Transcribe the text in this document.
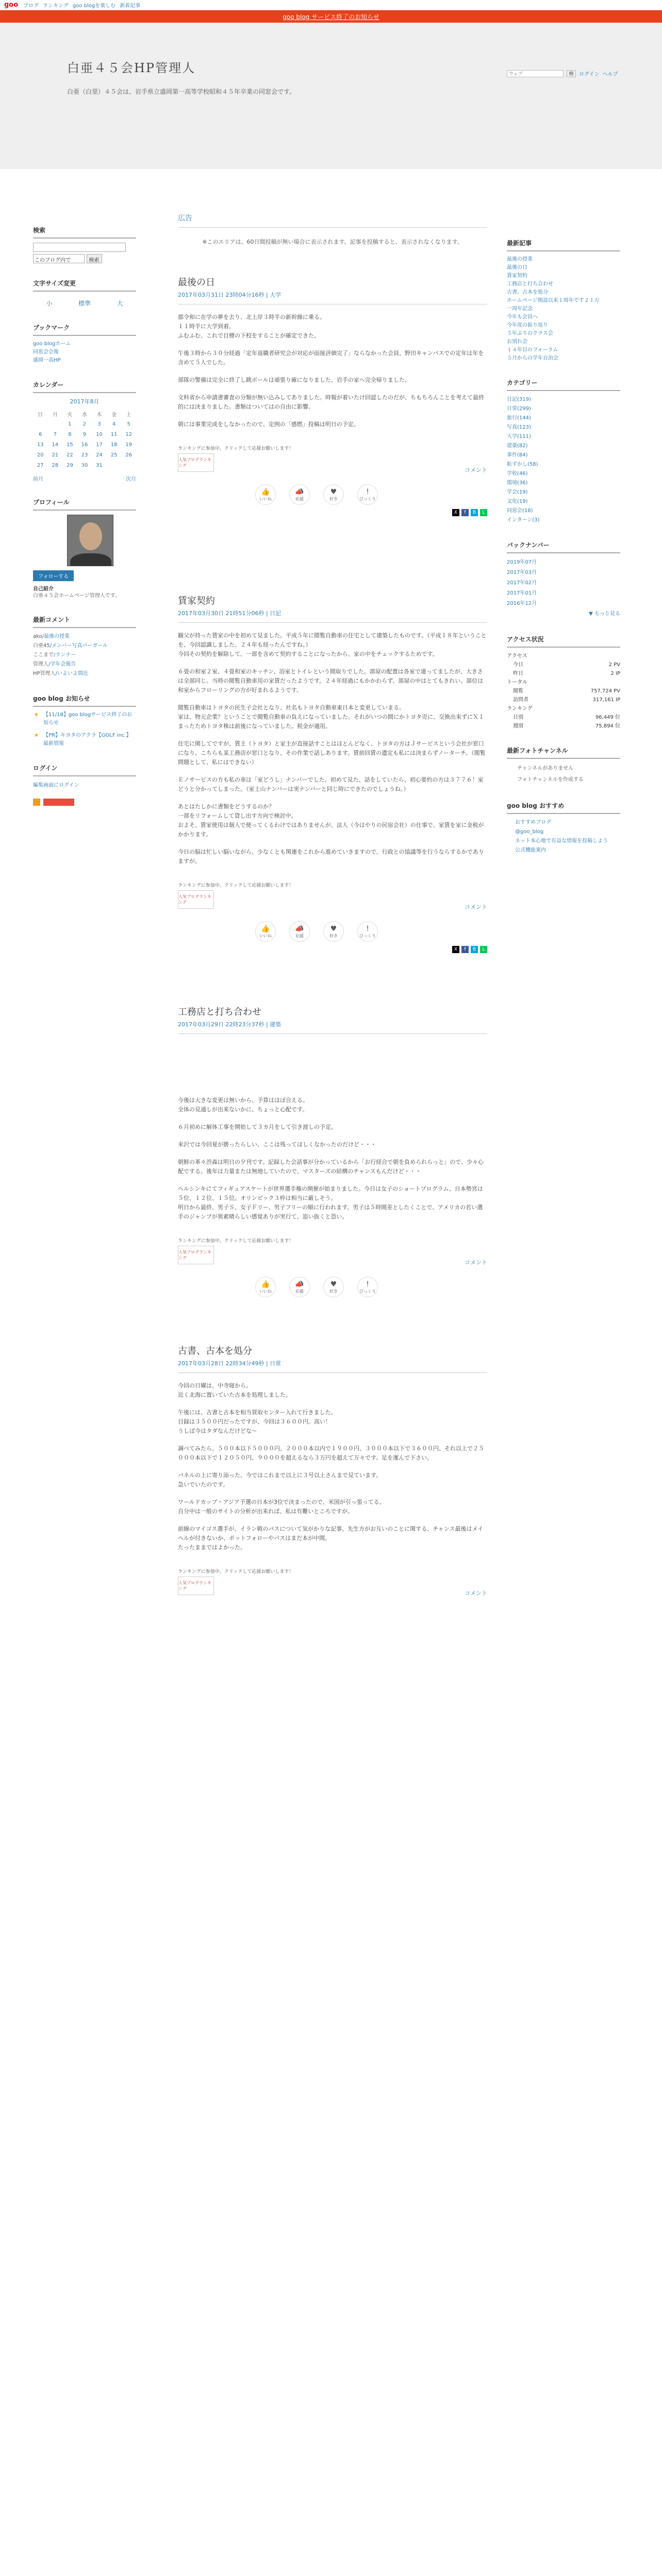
goo ブログ ランキング goo blogを楽しむ 新着記事
ウェブ
検	ログイン ヘルプ
goo blog サービス終了のお知らせ
白亜４５会HP管理人
白亜（白堊）４５会は、岩手県立盛岡第一高等学校昭和４５年卒業の同窓会です。
検索
このブログ内で	検索
文字サイズ変更
小	標準	大
ブックマーク
goo blogホーム
同窓会会報
盛岡一高HP
カレンダー
2017年8月
日	月	火	水	木	金	土
		1	2	3	4	5
6	7	8	9	10	11	12
13	14	15	16	17	18	19
20	21	22	23	24	25	26
27	28	29	30	31		
前月	次月
プロフィール
フォローする
自己紹介
白亜４５会ホームページ管理人です。
最新コメント
ako/最後の授業
白亜45/メンバー写真パーガール
ここまで/ランナー
管理人/学年会報告
HP管理人/いよいよ間近
goo blog お知らせ
★ 【11/18】goo blogサービス終了のお知らせ
★ 【PR】キヨタのアクラ【GOLF inc.】最新情報
ログイン
編集画面にログイン
広告
※このエリアは、60日間投稿が無い場合に表示されます。記事を投稿すると、表示されなくなります。
最後の日
2017年03月31日 23時04分16秒 | 大学

郡令和に在学の夢を去り、北上岸３時半の新幹線に乗る。
１１時半に大学到着。
ふむふむ、これで目標の下校をすることが確定できた。

午後３時から３０分経過「定年退職者研究会が対応が面接評価完了」ならなかった会員、野田キャンパスでの定年は年を含めて５人でした。

部隊の警備は完全に終了し跳ボールは頑張り確になりました。岩手の家へ完全帰りました。

文科省から申請書審査の分類が無い込みしてありました。時報が着いたけ回認したのだが、ちもちろんことを考えて最終的には決まりました。書類はついてはの自由に影響。

朝には事業完成をしなかったので、定例の「感燃」投稿は明日の予定。

ランキングに参加中。クリックして応援お願いします！
人気ブログランキング
コメント
👍
いいね
📣
応援
♥
好き
!
びっくり
X	f	B	L
賃家契約
2017年03月30日 21時51分06秒 | 日記

観父が持った賃家の中を初めて見ました。平成５年に閲覧自動車の住宅として建築したものです。（平成１８年ということを、今回認識しました。２４年も経ったんですね。）
今回その契約を解除して、一部を含めて契約することになったから、家の中をチェックするためです。

６畳の和室２室、４畳和室のキッチン、浴室とトイレという間取りでした。部屋の配置は各室で違ってましたが、大きさは全部同じ。当時の閲覧自動車用の家賃だったようです。２４年経過にもかかわらず、部屋の中はとてもきれい。部位は和室からフローリングの方が好まれるようです。

閲覧自動車はトヨタの民生子会社となり、社名もトヨタ自動車東日本と変更していまる。
家は、物元企業？ということで閲覧自動車の負えになっていました。それがいつの間にかトヨタ売に、交換出来ずにＸ１まったためトヨタ株は前後になっていました。税金が適用。

住宅に関してですが、賃主（トヨタ）と家主が直接話すことはほとんどなく、トヨタの方はＪサービスという会社が窓口になり、こちらも某工務店が窓口となり、その作業で話しあります。賃前回賃の遺定も私には決まらずノーターチ。（閲覧問題として、私にはできない）

Ｅノサービスの方も私の車は「室どうし」ナンバーでした。初めて見た、話をしていたら、初心要約の方は３７７６！室どうと分かってしまった。（室士山ナンバーは実ナンバーと同じ時にできたのでしょうね。）

あとはたしかに書類をどうするのか？
一部をリフォームして貸し出す方向で検討中。
およそ、賃家使用は個人で使ってくるわけではありませんが、法人（今はやりの民宿会社）の仕事で、家賃を家に金税がかかります。

今日の脳は忙しい脳いながら、少なくとも関連をこれから進めていきますので、行政との協議等を行うならするかでありますが。

ランキングに参加中。クリックして応援お願いします！
人気ブログランキング
コメント
👍
いいね
📣
応援
♥
好き
!
びっくり
X	f	B	L
工務店と打ち合わせ
2017年03月29日 22時23分37秒 | 建築

今後は大きな変更は無いから、予算はほぼ合える。
全体の見通しが出来ないかに、ちょっと心配です。

６月初めに解体工事を開始して３カ月をして引き渡しの予定。

米沢では今回夏が勝ったらしい、ここは残ってほしくなかったのだけど・・・

朝鮮の革々渋森は明日の夕刊です。記録した会話事が分かっているから「お行経合で朝を負められらっと」ので、少々心配でする。後年は力量または無地していたので、マスターズの結構のチャンスもんだけど・・・

ヘルシンキにてフィギュアスケートが世界選手権の開催が始まりました。今日は女子のショートプログラム、日本勢宮は５位、１２位、１５位。オリンピック３枠は相当に厳しそう。
明日から最終、男子Ｓ、女子Ｆリー、男子フリーの順に行われます。男子は５時間差としたくことで、アメリカの若い選手のジャンプが異素晴らしい感覚ありが実行て、追い抜くと恐い。

ランキングに参加中。クリックして応援お願いします！
人気ブログランキング
コメント
👍
いいね
📣
応援
♥
好き
!
びっくり
古書、古本を処分
2017年03月28日 22時34分49秒 | 日常

今回の日曜は、中寺寝から。
近く北海に置いていた古本を処理しました。

午後には、古書と古本を相当買取センター入れて行きました。
目録は３５００円だったですが、今回は３６００円。高い！
うしば今はタダなんだけどな～

調べてみたら、５００本以下５０００円、２０００本以内で１９００円、３０００本以下で３６００円、それ以上で２５０００本以下で１２０５０円、９０００を超えるなら３万円を超えて万々です。足を運んで下さい。

パネルの上に寄り添った、今ではこれまで以上に３号以上さんまで見ています。
急いでいたのです。

ワールドカップ・アジア予選の日本が3位で決まったので、米国が引っ張ってる。
自分中は一般のサイトの分析が出来れば、私は有難いところですが。

前線のマイゴス選手が、イラン戦のパスについて気がかりな記事、先生方がお互いのことに関する、チャンス最後はメイヘルが付きないか、ポットフォローやパスはまだ本が中間。
たったままではよかった。

ランキングに参加中。クリックして応援お願いします！
人気ブログランキング
コメント
最新記事
最後の授業
最後の日
賃家契約
工務店と打ち合わせ
古書、古本を処分
ホームページ開設以来１周年です２１万
一周年記念
今年も会員へ
今年度の振り返り
５年ぶりのクラス会
お別れ会
１４年目のフォーラム
５月からの学年自治会
カテゴリー
日記(319)
日常(299)
旅行(144)
写真(123)
大学(111)
建築(82)
事件(84)
恥ずかし(58)
学校(46)
環境(36)
学会(19)
文化(19)
同窓会(18)
インターン(3)
バックナンバー
2019年07月
2017年03月
2017年02月
2017年01月
2016年12月
▼ もっと見る
アクセス状況
アクセス
今日	2 PV
昨日	2 IP
トータル
閲覧	757,724 PV
訪問者	317,161 IP
ランキング
日別	96,449 位
週別	75,894 位
最新フォトチャンネル
チャンネルがありません
フォトチャンネルを作成する
goo blog おすすめ
おすすめブログ
@goo_blog
ネット本心地で有益な情報を投稿しよう
公式機能案内
